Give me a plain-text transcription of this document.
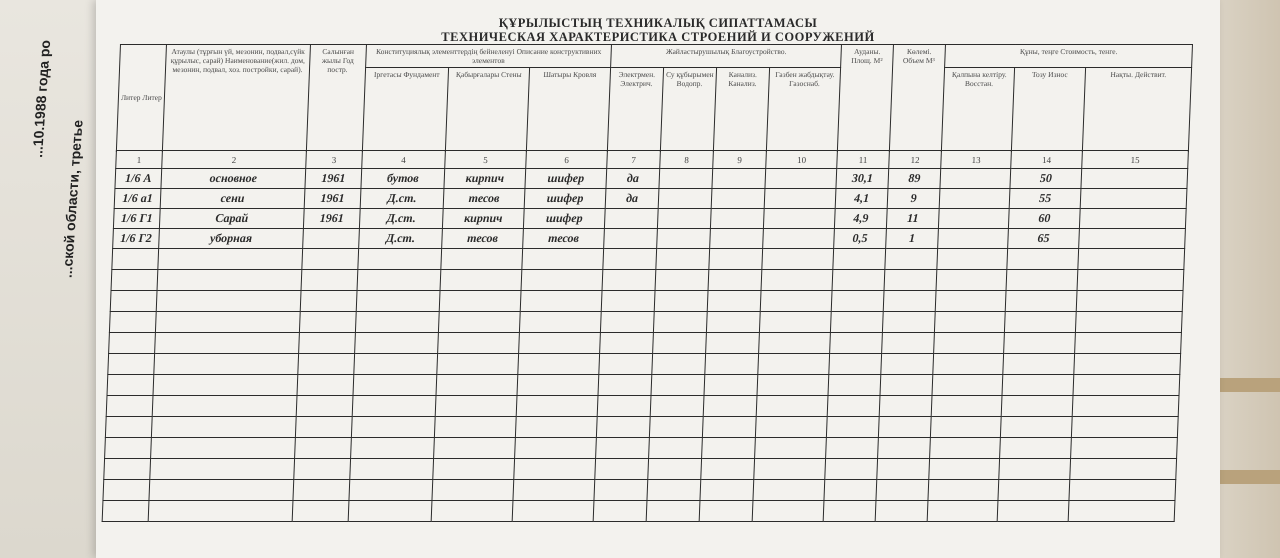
...10.1988 года ро
...ской области, третье
ҚҰРЫЛЫСТЫҢ ТЕХНИКАЛЫҚ СИПАТТАМАСЫ
ТЕХНИЧЕСКАЯ ХАРАКТЕРИСТИКА СТРОЕНИЙ И СООРУЖЕНИЙ
Литер Литер	Атаулы (тұрғын үй, мезонин, подвал,сүйк құрылыс, сарай) Наименование(жил. дом, мезонин, подвал, хоз. постройки, сарай).	Салынған жылы Год постр.	Конституциялық элементтердің бейнеленуі Описание конструктивних элементов			Жайластырушылық Благоустройство.				Ауданы. Площ. М²	Көлемі. Объем М³	Құны, теңге Стоимость, тенге.		
			Іргетасы Фундамент	Қабырғалары Стены	Шатыры Кровля	Электрмен. Электрич.	Су құбырымен Водопр.	Канализ. Канализ.	Газбен жабдықтау. Газоснаб.			Қалпына келтіру. Восстан.	Тозу Износ	Нақты. Действит.

1	2	3	4	5	6	7	8	9	10	11	12	13	14	15
1/6 А	основное	1961	бутов	кирпич	шифер	да				30,1	89		50	
1/6 а1	сени	1961	Д.ст.	тесов	шифер	да				4,1	9		55	
1/6 Г1	Сарай	1961	Д.ст.	кирпич	шифер					4,9	11		60	
1/6 Г2	уборная		Д.ст.	тесов	тесов					0,5	1		65	
